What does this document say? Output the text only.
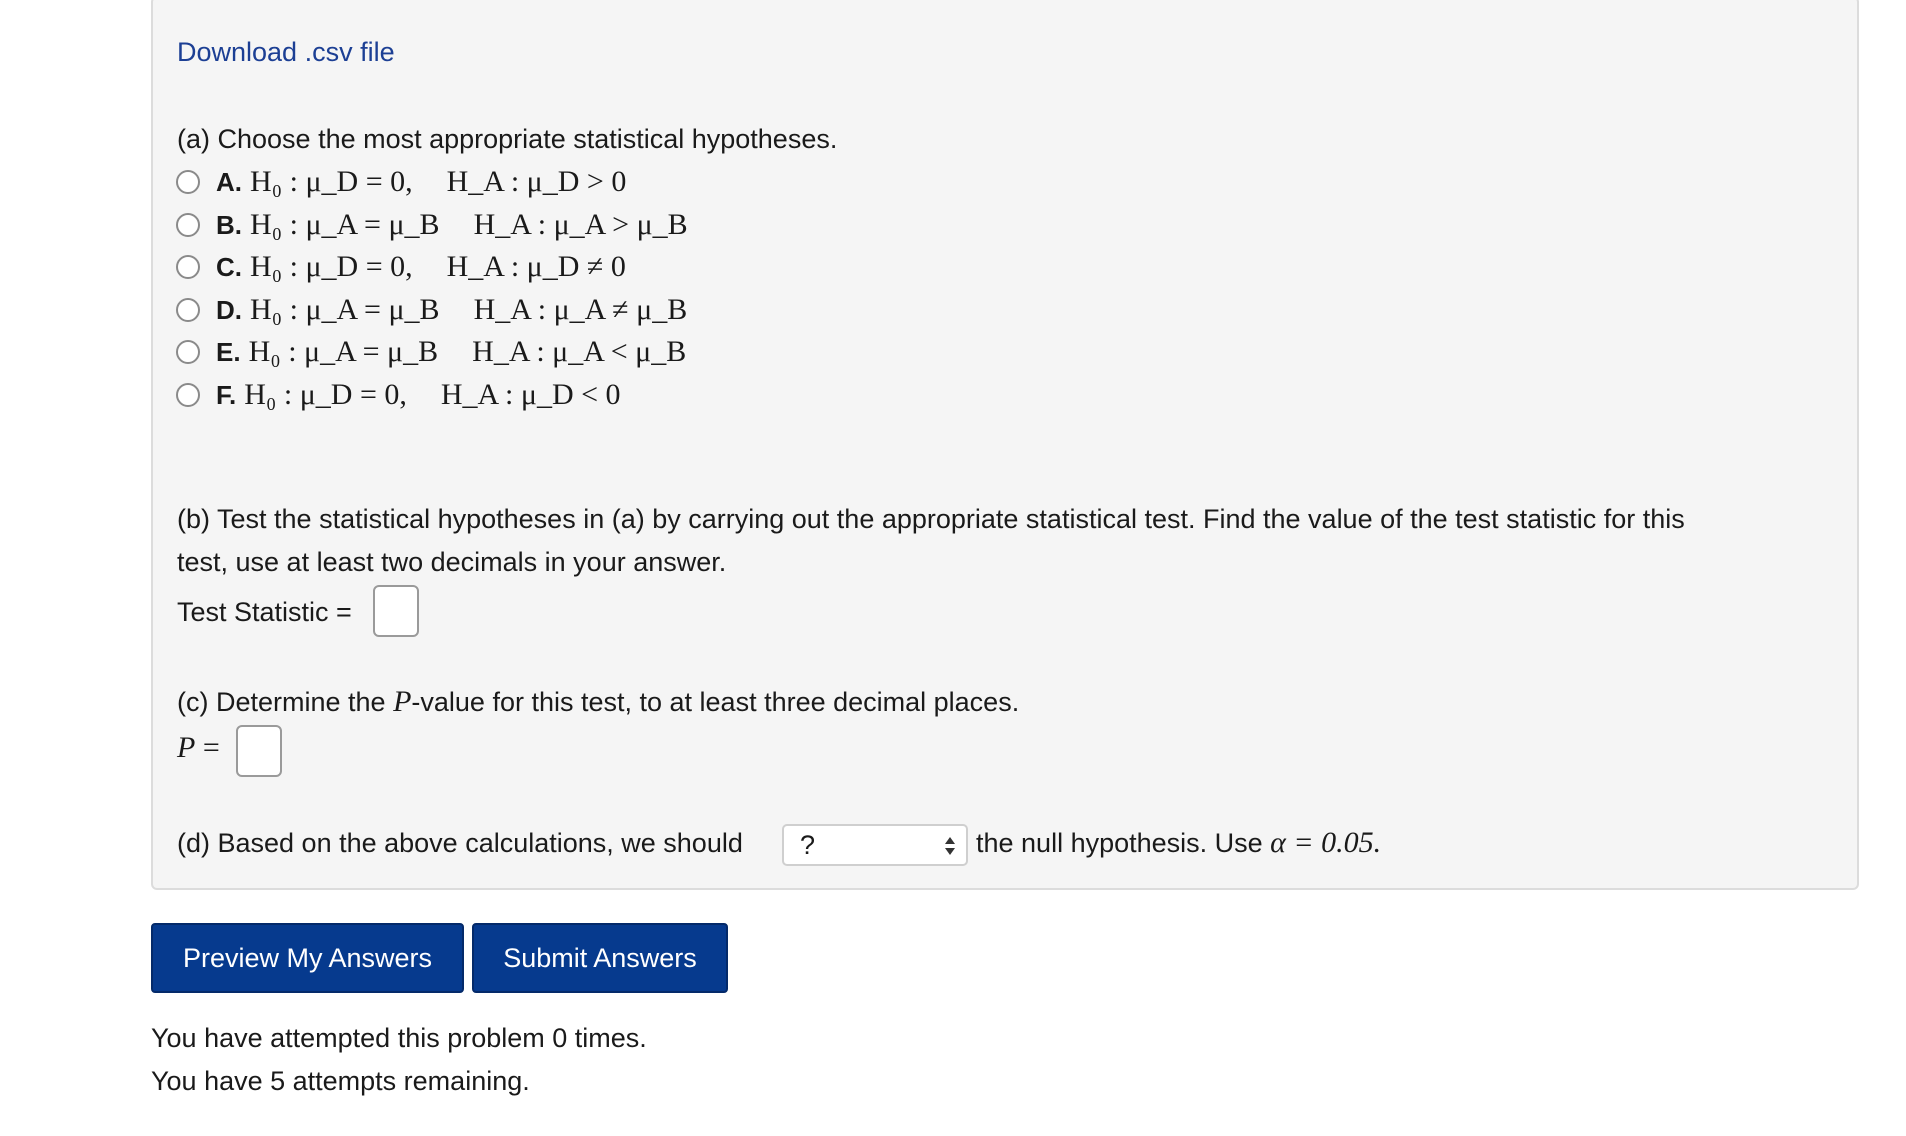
Download .csv file
(a) Choose the most appropriate statistical hypotheses.
A. H₀ : μ_D = 0, H_A : μ_D > 0
B. H₀ : μ_A = μ_B H_A : μ_A > μ_B
C. H₀ : μ_D = 0, H_A : μ_D ≠ 0
D. H₀ : μ_A = μ_B H_A : μ_A ≠ μ_B
E. H₀ : μ_A = μ_B H_A : μ_A < μ_B
F. H₀ : μ_D = 0, H_A : μ_D < 0
(b) Test the statistical hypotheses in (a) by carrying out the appropriate statistical test. Find the value of the test statistic for this
test, use at least two decimals in your answer.
Test Statistic =
(c) Determine the P-value for this test, to at least three decimal places.
P =
(d) Based on the above calculations, we should	?	the null hypothesis. Use α = 0.05.
Preview My Answers	Submit Answers
You have attempted this problem 0 times.
You have 5 attempts remaining.
